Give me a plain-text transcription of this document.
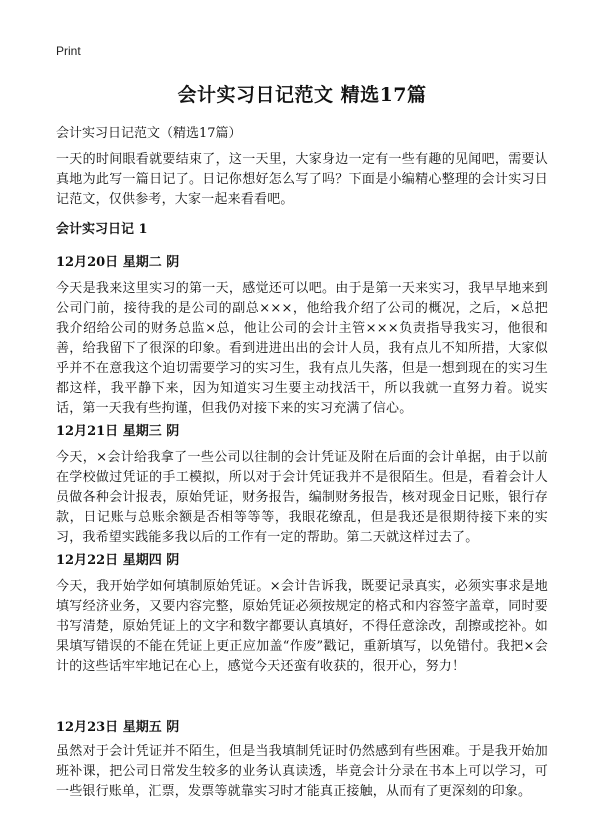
Print
会计实习日记范文 精选17篇
会计实习日记范文（精选17篇）
一天的时间眼看就要结束了，这一天里，大家身边一定有一些有趣的见闻吧，需要认真地为此写一篇日记了。日记你想好怎么写了吗？下面是小编精心整理的会计实习日记范文，仅供参考，大家一起来看看吧。
会计实习日记 1
12月20日 星期二 阴
今天是我来这里实习的第一天，感觉还可以吧。由于是第一天来实习，我早早地来到公司门前，接待我的是公司的副总×××，他给我介绍了公司的概况，之后，×总把我介绍给公司的财务总监×总，他让公司的会计主管×××负责指导我实习，他很和善，给我留下了很深的印象。看到进进出出的会计人员，我有点儿不知所措，大家似乎并不在意我这个迫切需要学习的实习生，我有点儿失落，但是一想到现在的实习生都这样，我平静下来，因为知道实习生要主动找活干，所以我就一直努力着。说实话，第一天我有些拘谨，但我仍对接下来的实习充满了信心。
12月21日 星期三 阴
今天，×会计给我拿了一些公司以往制的会计凭证及附在后面的会计单据，由于以前在学校做过凭证的手工模拟，所以对于会计凭证我并不是很陌生。但是，看着会计人员做各种会计报表，原始凭证，财务报告，编制财务报告，核对现金日记账，银行存款，日记账与总账余额是否相等等等，我眼花缭乱，但是我还是很期待接下来的实习，我希望实践能多我以后的工作有一定的帮助。第二天就这样过去了。
12月22日 星期四 阴
今天，我开始学如何填制原始凭证。×会计告诉我，既要记录真实，必须实事求是地填写经济业务，又要内容完整，原始凭证必须按规定的格式和内容签字盖章，同时要书写清楚，原始凭证上的文字和数字都要认真填好，不得任意涂改，刮擦或挖补。如果填写错误的不能在凭证上更正应加盖“作废”戳记，重新填写，以免错付。我把×会计的这些话牢牢地记在心上，感觉今天还蛮有收获的，很开心，努力！
12月23日 星期五 阴
虽然对于会计凭证并不陌生，但是当我填制凭证时仍然感到有些困难。于是我开始加班补课，把公司日常发生较多的业务认真读透，毕竟会计分录在书本上可以学习，可一些银行账单，汇票，发票等就靠实习时才能真正接触，从而有了更深刻的印象。
